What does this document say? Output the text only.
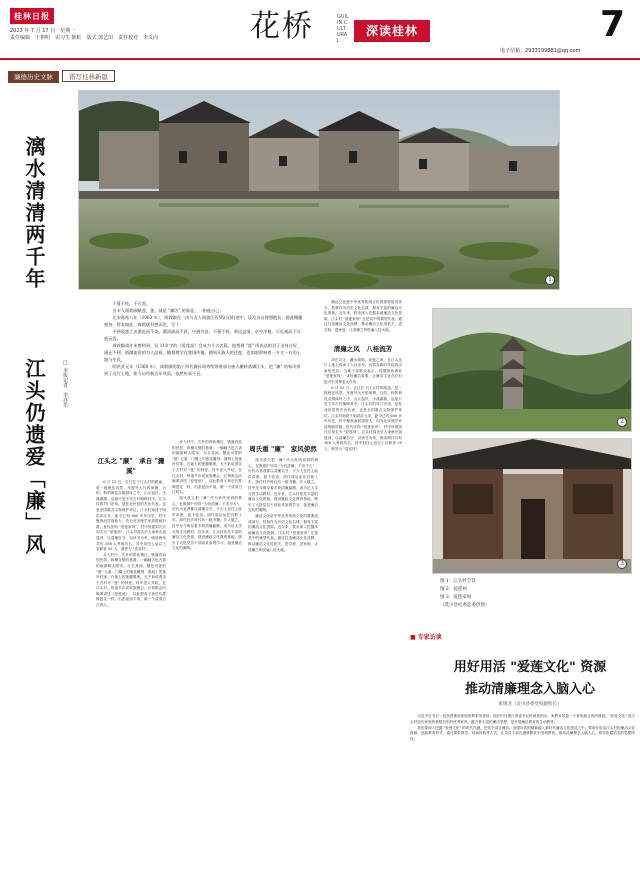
桂林日报
2023 年 7 月 17 日　星期一
责任编辑　王祺明　实习生 陈虹　版式 郭艺田　责任校对　李义向	花桥	GUILIN CULTURAL
深读桂林	7
电子信箱：2933199881@qq.com
廉德历史文脉 错写桂林新篇
1
漓水清清两千年
江头仍遗爱「廉」风	□ 本报记者　李亦乐

不蔓不枝，不污泥。

自宋人周敦颐赋莲，莲，就是 "廉洁" 的象征，一如他自己。

北宋嘉祐八年（1063 年），周敦颐在一次与友人同游江西罗田岩的途中，谈及各自理想抱负。提此慨慷相待、得友如此，周敦颐有感而发，写下：

予独爱莲之出淤泥而不染，濯清涟而不妖，中通外直，不蔓不枝，香远益清，亭亭净植，可远观而不可亵玩焉。

周敦颐或许未曾料到，仅 119 字的《爱莲说》会成为千古名篇。他想借 "莲" 所表达的君子洁身自好、刚正不阿、抵御流俗的为人品质，随着理学在我国传播，随周氏族人的迁徙，也如愿影响着一方又一方的土地与生民。

明洪武元年（1368 年），周敦颐的第十四代裔孙周秀绍带着部分族人辗转落脚江头，把 "廉" 的家风带到了这片土地，如今历经数百年风雨，依然传承不息。

江头之 "廉"　承自 "濂溪"

6 月 15 日，去往位于江头村的路途，是一段绝佳风景。车窗外大片的荷塘，白的，粉的荷花点缀绿叶之中，山丘起伏，小溪潺潺，沿途只见千年古村掩映其中。江头村的村门宏伟，是桂北民居的杰出代表，也是全国重点文物保护单位。江头村始建于明洪武元年，距今已有 600 多年历史，村中聚族而居周姓人，均为北宋理学家周敦颐后裔，世代崇尚 "爱莲家风"，村中所建周氏宗祠名为 "爱莲祠"。江头村周氏后人秉承先祖遗训，以清廉自守、以读书为荣，明清两代共有 168 人考取功名，其中担任七品以上官职者 35 人，被誉为 "清官村"。

步入村中，古朴的青砖黛瓦、错落有致的民居、纵横交错的巷道，一幅幅古色古香的画面映入眼帘。行走其间，随处可见的 "莲" 元素：门楣上的莲花雕刻、窗棂上的莲叶纹饰、石础上的莲瓣图案，无不诉说着这个古村对 "莲" 的钟爱。村中老人介绍，在江头村，每逢节庆或家族聚会，长辈都会向晚辈讲述《爱莲说》，以此教育子孙后代要像莲花一样，出淤泥而不染，做一个清清白白的人。

步入村中，古朴的青砖黛瓦、错落有致的民居、纵横交错的巷道，一幅幅古色古香的画面映入眼帘。行走其间，随处可见的 "莲" 元素：门楣上的莲花雕刻、窗棂上的莲叶纹饰、石础上的莲瓣图案，无不诉说着这个古村对 "莲" 的钟爱。村中老人介绍，在江头村，每逢节庆或家族聚会，长辈都会向晚辈讲述《爱莲说》，以此教育子孙后代要像莲花一样，出淤泥而不染，做一个清清白白的人。

周氏族人把 "廉" 作为家风家训的核心，在族谱中写明 "为官清廉、不贪不占"。历代为官者都以清廉自守，不少人在任上政声卓著，留下佳话。清代周启运任官数十年，卸任归乡时仅有一箱书籍，乡人敬之。村中至今保存着多块清廉匾额，成为后人学习的生动教材。近年来，江头村依托丰富的廉洁文化资源，建设廉政文化教育基地，吸引了大批党员干部前来参观学习，接受廉洁文化的熏陶。

周氏重 "廉"　家风使然

周氏族人把 "廉" 作为家风家训的核心，在族谱中写明 "为官清廉、不贪不占"。历代为官者都以清廉自守，不少人在任上政声卓著，留下佳话。清代周启运任官数十年，卸任归乡时仅有一箱书籍，乡人敬之。村中至今保存着多块清廉匾额，成为后人学习的生动教材。近年来，江头村依托丰富的廉洁文化资源，建设廉政文化教育基地，吸引了大批党员干部前来参观学习，接受廉洁文化的熏陶。

廉洁文化是中华优秀传统文化的重要组成部分。桂林作为历史文化名城，拥有丰富的廉洁文化资源。近年来，我市深入挖掘本地廉洁文化资源，江头村 "爱莲家风" 正是其中的典型代表。通过打造廉洁文化品牌，推动廉洁文化进机关、进学校、进家庭，让清廉之风吹遍八桂大地。

廉洁文化是中华优秀传统文化的重要组成部分。桂林作为历史文化名城，拥有丰富的廉洁文化资源。近年来，我市深入挖掘本地廉洁文化资源，江头村 "爱莲家风" 正是其中的典型代表。通过打造廉洁文化品牌，推动廉洁文化进机关、进学校、进家庭，让清廉之风吹遍八桂大地。

清廉之风　八桂流芳

清白自守，濂水绵绵。爱莲之风，在江头这片土地上传承了六百余年，也将在新时代绽放出新的光彩。当地干部群众表示，将继续传承好 "爱莲家风"，讲好廉洁故事，让廉洁文化在乡村振兴中发挥更大作用。

6 月 15 日，去往位于江头村的路途，是一段绝佳风景。车窗外大片的荷塘，白的，粉的荷花点缀绿叶之中，山丘起伏，小溪潺潺，沿途只见千年古村掩映其中。江头村的村门宏伟，是桂北民居的杰出代表，也是全国重点文物保护单位。江头村始建于明洪武元年，距今已有 600 多年历史，村中聚族而居周姓人，均为北宋理学家周敦颐后裔，世代崇尚 "爱莲家风"，村中所建周氏宗祠名为 "爱莲祠"。江头村周氏后人秉承先祖遗训，以清廉自守、以读书为荣，明清两代共有 168 人考取功名，其中担任七品以上官职者 35 人，被誉为 "清官村"。

2
3
图 1：江头村全景
图 2：爱莲祠
图 3：爱莲家祠
（莫川县纪委监委供图）
■ 专家访谈
用好用活 "爱莲文化" 资源
推动清廉理念入脑入心
张锦龙（灵川县委党校副校长）

习近平总书记一直高度重视家庭家教家风建设，他在时任浙江省委书记时就曾指出，家教家风是一个家庭最宝贵的财富。"爱莲文化" 是江头村周氏家族传承数百年的优秀家风，蕴含着丰富的廉洁思想，是开展廉洁教育的生动教材。

我们要深入挖掘 "爱莲文化" 的时代内涵，把其中清正廉洁、崇德向善的精神融入新时代廉洁文化建设之中。要用好用活江头村的廉洁文化资源，创新教育形式，通过情景教学、现场体验等方式，让党员干部在潜移默化中受到教育，推动清廉理念入脑入心，筑牢拒腐防变的思想防线。
